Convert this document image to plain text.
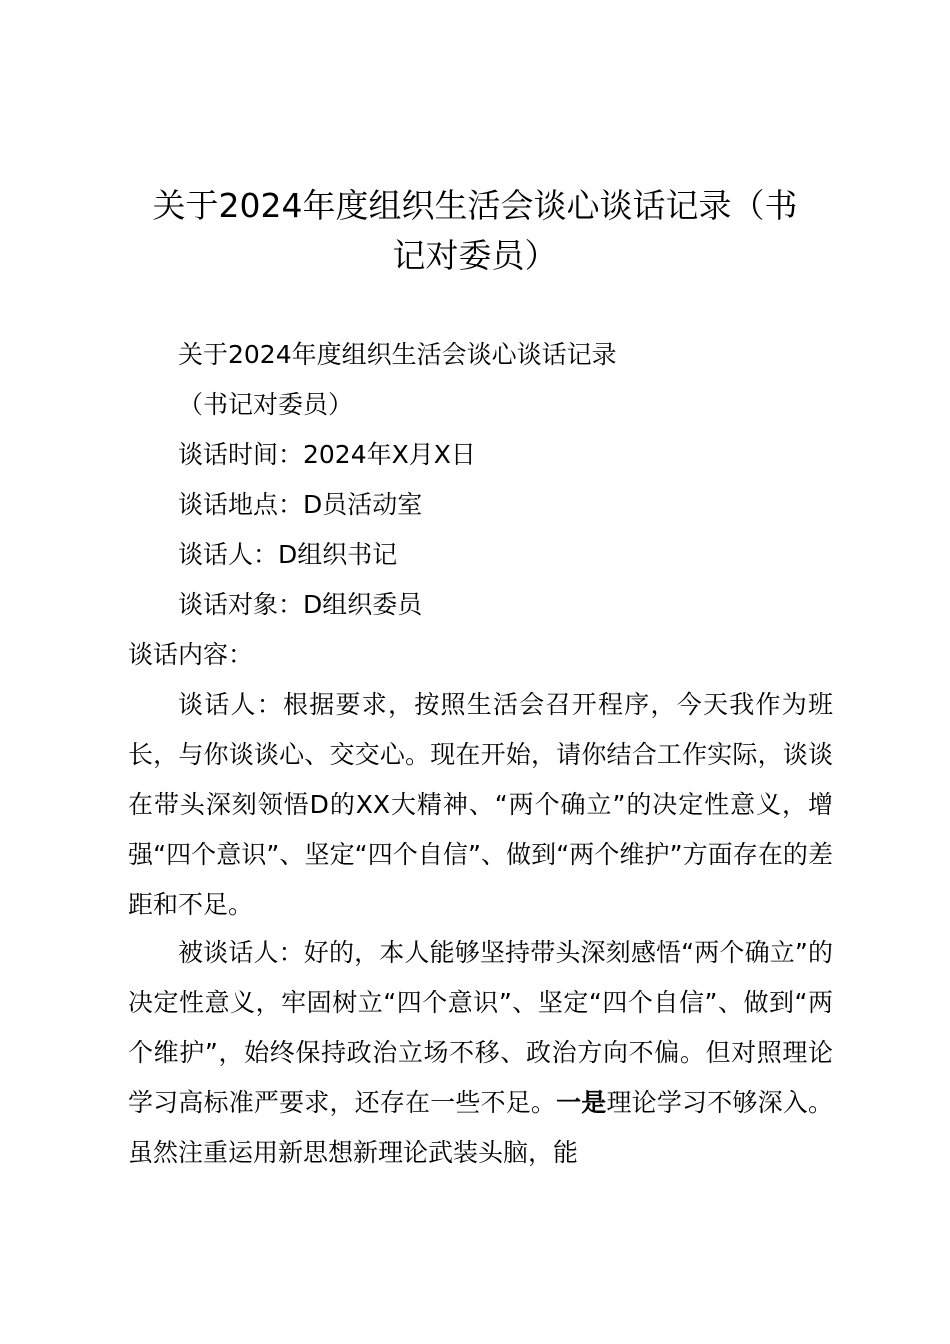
关于2024年度组织生活会谈心谈话记录（书
记对委员）

关于2024年度组织生活会谈心谈话记录

（书记对委员）

谈话时间：2024年X月X日

谈话地点：D员活动室

谈话人：D组织书记

谈话对象：D组织委员

谈话内容：

谈话人：根据要求，按照生活会召开程序，今天我作为班长，与你谈谈心、交交心。现在开始，请你结合工作实际，谈谈在带头深刻领悟D的XX大精神、“两个确立”的决定性意义，增强“四个意识”、坚定“四个自信”、做到“两个维护”方面存在的差距和不足。

被谈话人：好的，本人能够坚持带头深刻感悟“两个确立”的决定性意义，牢固树立“四个意识”、坚定“四个自信”、做到“两个维护”，始终保持政治立场不移、政治方向不偏。但对照理论学习高标准严要求，还存在一些不足。一是理论学习不够深入。虽然注重运用新思想新理论武装头脑，能
